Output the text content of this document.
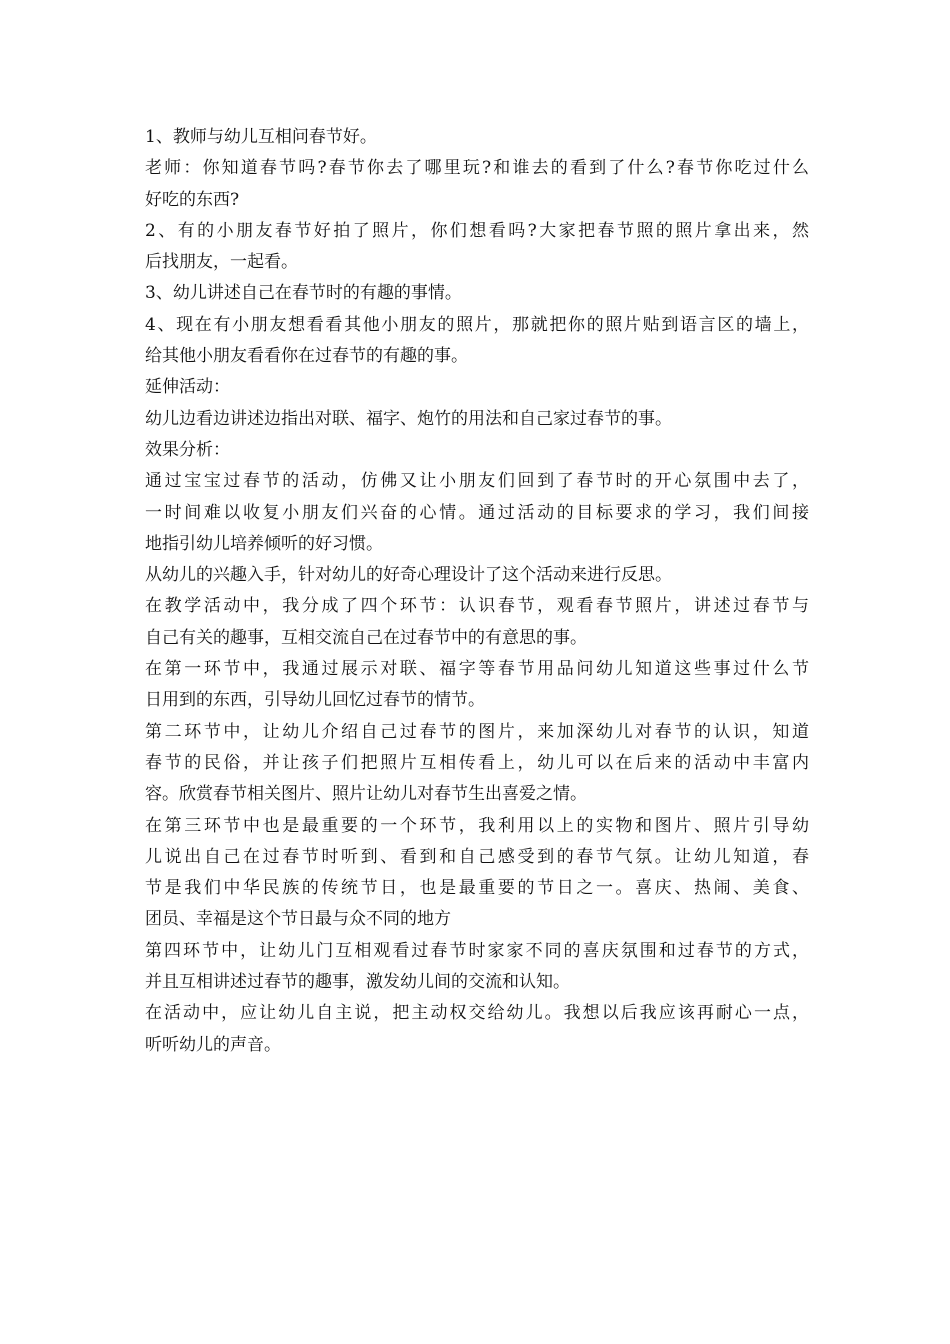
1、教师与幼儿互相问春节好。
老师：你知道春节吗?春节你去了哪里玩?和谁去的看到了什么?春节你吃过什么
好吃的东西?
2、有的小朋友春节好拍了照片，你们想看吗?大家把春节照的照片拿出来，然
后找朋友，一起看。
3、幼儿讲述自己在春节时的有趣的事情。
4、现在有小朋友想看看其他小朋友的照片，那就把你的照片贴到语言区的墙上，
给其他小朋友看看你在过春节的有趣的事。
延伸活动：
幼儿边看边讲述边指出对联、福字、炮竹的用法和自己家过春节的事。
效果分析：
通过宝宝过春节的活动，仿佛又让小朋友们回到了春节时的开心氛围中去了，
一时间难以收复小朋友们兴奋的心情。通过活动的目标要求的学习，我们间接
地指引幼儿培养倾听的好习惯。
从幼儿的兴趣入手，针对幼儿的好奇心理设计了这个活动来进行反思。
在教学活动中，我分成了四个环节：认识春节，观看春节照片，讲述过春节与
自己有关的趣事，互相交流自己在过春节中的有意思的事。
在第一环节中，我通过展示对联、福字等春节用品问幼儿知道这些事过什么节
日用到的东西，引导幼儿回忆过春节的情节。
第二环节中，让幼儿介绍自己过春节的图片，来加深幼儿对春节的认识，知道
春节的民俗，并让孩子们把照片互相传看上，幼儿可以在后来的活动中丰富内
容。欣赏春节相关图片、照片让幼儿对春节生出喜爱之情。
在第三环节中也是最重要的一个环节，我利用以上的实物和图片、照片引导幼
儿说出自己在过春节时听到、看到和自己感受到的春节气氛。让幼儿知道，春
节是我们中华民族的传统节日，也是最重要的节日之一。喜庆、热闹、美食、
团员、幸福是这个节日最与众不同的地方
第四环节中，让幼儿门互相观看过春节时家家不同的喜庆氛围和过春节的方式，
并且互相讲述过春节的趣事，激发幼儿间的交流和认知。
在活动中，应让幼儿自主说，把主动权交给幼儿。我想以后我应该再耐心一点，
听听幼儿的声音。
